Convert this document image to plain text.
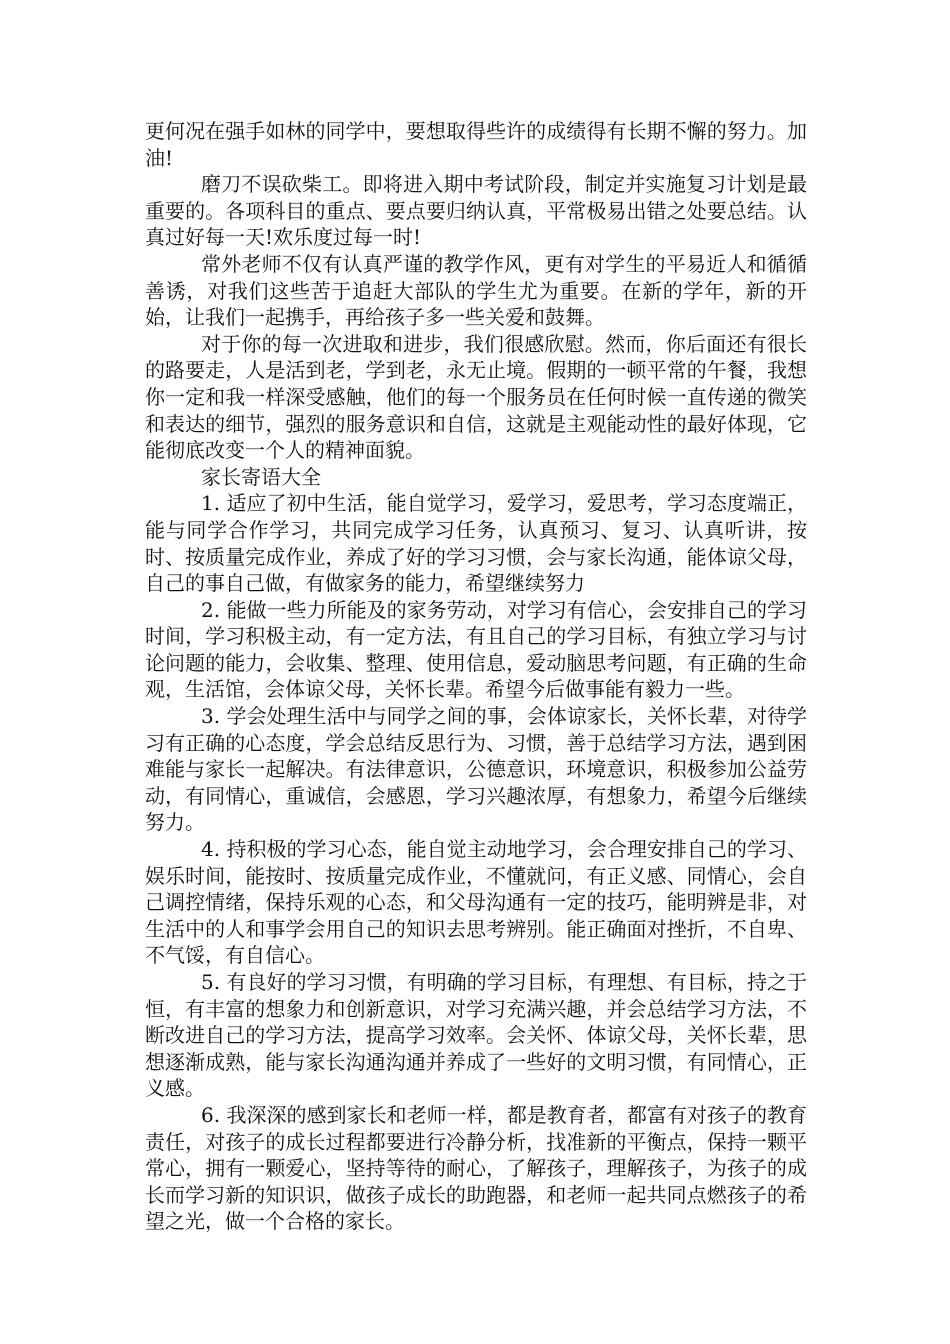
更何况在强手如林的同学中，要想取得些许的成绩得有长期不懈的努力。加油!

磨刀不误砍柴工。即将进入期中考试阶段，制定并实施复习计划是最重要的。各项科目的重点、要点要归纳认真，平常极易出错之处要总结。认真过好每一天!欢乐度过每一时!

常外老师不仅有认真严谨的教学作风，更有对学生的平易近人和循循善诱，对我们这些苦于追赶大部队的学生尤为重要。在新的学年，新的开始，让我们一起携手，再给孩子多一些关爱和鼓舞。

对于你的每一次进取和进步，我们很感欣慰。然而，你后面还有很长的路要走，人是活到老，学到老，永无止境。假期的一顿平常的午餐，我想你一定和我一样深受感触，他们的每一个服务员在任何时候一直传递的微笑和表达的细节，强烈的服务意识和自信，这就是主观能动性的最好体现，它能彻底改变一个人的精神面貌。

家长寄语大全

1. 适应了初中生活，能自觉学习，爱学习，爱思考，学习态度端正，能与同学合作学习，共同完成学习任务，认真预习、复习、认真听讲，按时、按质量完成作业，养成了好的学习习惯，会与家长沟通，能体谅父母，自己的事自己做，有做家务的能力，希望继续努力

2. 能做一些力所能及的家务劳动，对学习有信心，会安排自己的学习时间，学习积极主动，有一定方法，有且自己的学习目标，有独立学习与讨论问题的能力，会收集、整理、使用信息，爱动脑思考问题，有正确的生命观，生活馆，会体谅父母，关怀长辈。希望今后做事能有毅力一些。

3. 学会处理生活中与同学之间的事，会体谅家长，关怀长辈，对待学习有正确的心态度，学会总结反思行为、习惯，善于总结学习方法，遇到困难能与家长一起解决。有法律意识，公德意识，环境意识，积极参加公益劳动，有同情心，重诚信，会感恩，学习兴趣浓厚，有想象力，希望今后继续努力。

4. 持积极的学习心态，能自觉主动地学习，会合理安排自己的学习、娱乐时间，能按时、按质量完成作业，不懂就问，有正义感、同情心，会自己调控情绪，保持乐观的心态，和父母沟通有一定的技巧，能明辨是非，对生活中的人和事学会用自己的知识去思考辨别。能正确面对挫折，不自卑、不气馁，有自信心。

5. 有良好的学习习惯，有明确的学习目标，有理想、有目标，持之于恒，有丰富的想象力和创新意识，对学习充满兴趣，并会总结学习方法，不断改进自己的学习方法，提高学习效率。会关怀、体谅父母，关怀长辈，思想逐渐成熟，能与家长沟通沟通并养成了一些好的文明习惯，有同情心，正义感。

6. 我深深的感到家长和老师一样，都是教育者，都富有对孩子的教育责任，对孩子的成长过程都要进行冷静分析，找准新的平衡点，保持一颗平常心，拥有一颗爱心，坚持等待的耐心，了解孩子，理解孩子，为孩子的成长而学习新的知识识，做孩子成长的助跑器，和老师一起共同点燃孩子的希望之光，做一个合格的家长。
